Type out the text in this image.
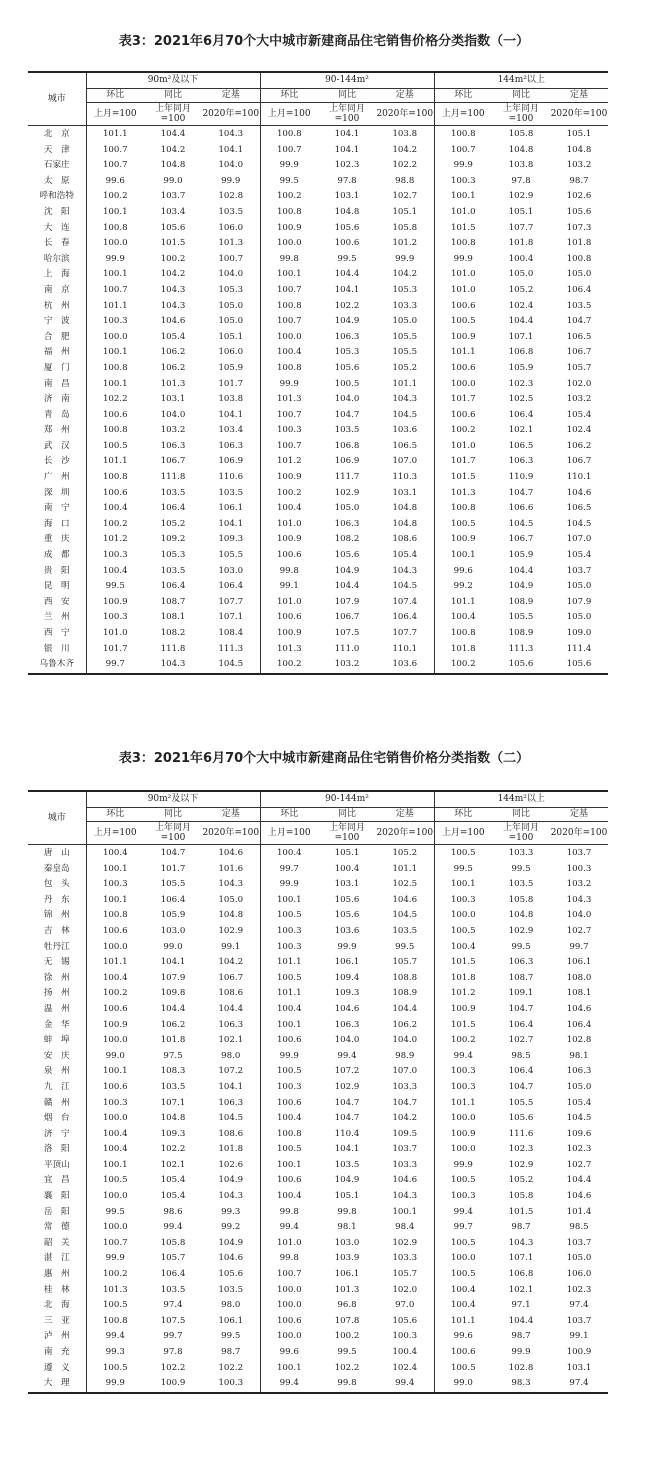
表3：2021年6月70个大中城市新建商品住宅销售价格分类指数（一）
城市	90m²及以下			90-144m²			144m²以上		
	环比	同比	定基	环比	同比	定基	环比	同比	定基
	上月=100	上年同月=100	2020年=100	上月=100	上年同月=100	2020年=100	上月=100	上年同月=100	2020年=100
北　京	101.1	104.4	104.3	100.8	104.1	103.8	100.8	105.8	105.1
天　津	100.7	104.2	104.1	100.7	104.1	104.2	100.7	104.8	104.8
石家庄	100.7	104.8	104.0	99.9	102.3	102.2	99.9	103.8	103.2
太　原	99.6	99.0	99.9	99.5	97.8	98.8	100.3	97.8	98.7
呼和浩特	100.2	103.7	102.8	100.2	103.1	102.7	100.1	102.9	102.6
沈　阳	100.1	103.4	103.5	100.8	104.8	105.1	101.0	105.1	105.6
大　连	100.8	105.6	106.0	100.9	105.6	105.8	101.5	107.7	107.3
长　春	100.0	101.5	101.3	100.0	100.6	101.2	100.8	101.8	101.8
哈尔滨	99.9	100.2	100.7	99.8	99.5	99.9	99.9	100.4	100.8
上　海	100.1	104.2	104.0	100.1	104.4	104.2	101.0	105.0	105.0
南　京	100.7	104.3	105.3	100.7	104.1	105.3	101.0	105.2	106.4
杭　州	101.1	104.3	105.0	100.8	102.2	103.3	100.6	102.4	103.5
宁　波	100.3	104.6	105.0	100.7	104.9	105.0	100.5	104.4	104.7
合　肥	100.0	105.4	105.1	100.0	106.3	105.5	100.9	107.1	106.5
福　州	100.1	106.2	106.0	100.4	105.3	105.5	101.1	106.8	106.7
厦　门	100.8	106.2	105.9	100.8	105.6	105.2	100.6	105.9	105.7
南　昌	100.1	101.3	101.7	99.9	100.5	101.1	100.0	102.3	102.0
济　南	102.2	103.1	103.8	101.3	104.0	104.3	101.7	102.5	103.2
青　岛	100.6	104.0	104.1	100.7	104.7	104.5	100.6	106.4	105.4
郑　州	100.8	103.2	103.4	100.3	103.5	103.6	100.2	102.1	102.4
武　汉	100.5	106.3	106.3	100.7	106.8	106.5	101.0	106.5	106.2
长　沙	101.1	106.7	106.9	101.2	106.9	107.0	101.7	106.3	106.7
广　州	100.8	111.8	110.6	100.9	111.7	110.3	101.5	110.9	110.1
深　圳	100.6	103.5	103.5	100.2	102.9	103.1	101.3	104.7	104.6
南　宁	100.4	106.4	106.1	100.4	105.0	104.8	100.8	106.6	106.5
海　口	100.2	105.2	104.1	101.0	106.3	104.8	100.5	104.5	104.5
重　庆	101.2	109.2	109.3	100.9	108.2	108.6	100.9	106.7	107.0
成　都	100.3	105.3	105.5	100.6	105.6	105.4	100.1	105.9	105.4
贵　阳	100.4	103.5	103.0	99.8	104.9	104.3	99.6	104.4	103.7
昆　明	99.5	106.4	106.4	99.1	104.4	104.5	99.2	104.9	105.0
西　安	100.9	108.7	107.7	101.0	107.9	107.4	101.1	108.9	107.9
兰　州	100.3	108.1	107.1	100.6	106.7	106.4	100.4	105.5	105.0
西　宁	101.0	108.2	108.4	100.9	107.5	107.7	100.8	108.9	109.0
银　川	101.7	111.8	111.3	101.3	111.0	110.1	101.8	111.3	111.4
乌鲁木齐	99.7	104.3	104.5	100.2	103.2	103.6	100.2	105.6	105.6
表3：2021年6月70个大中城市新建商品住宅销售价格分类指数（二）
城市	90m²及以下			90-144m²			144m²以上		
	环比	同比	定基	环比	同比	定基	环比	同比	定基
	上月=100	上年同月=100	2020年=100	上月=100	上年同月=100	2020年=100	上月=100	上年同月=100	2020年=100
唐　山	100.4	104.7	104.6	100.4	105.1	105.2	100.5	103.3	103.7
秦皇岛	100.1	101.7	101.6	99.7	100.4	101.1	99.5	99.5	100.3
包　头	100.3	105.5	104.3	99.9	103.1	102.5	100.1	103.5	103.2
丹　东	100.1	106.4	105.0	100.1	105.6	104.6	100.3	105.8	104.3
锦　州	100.8	105.9	104.8	100.5	105.6	104.5	100.0	104.8	104.0
吉　林	100.6	103.0	102.9	100.3	103.6	103.5	100.5	102.9	102.7
牡丹江	100.0	99.0	99.1	100.3	99.9	99.5	100.4	99.5	99.7
无　锡	101.1	104.1	104.2	101.1	106.1	105.7	101.5	106.3	106.1
徐　州	100.4	107.9	106.7	100.5	109.4	108.8	101.8	108.7	108.0
扬　州	100.2	109.8	108.6	101.1	109.3	108.9	101.2	109.1	108.1
温　州	100.6	104.4	104.4	100.4	104.6	104.4	100.9	104.7	104.6
金　华	100.9	106.2	106.3	100.1	106.3	106.2	101.5	106.4	106.4
蚌　埠	100.0	101.8	102.1	100.6	104.0	104.0	100.2	102.7	102.8
安　庆	99.0	97.5	98.0	99.9	99.4	98.9	99.4	98.5	98.1
泉　州	100.1	108.3	107.2	100.5	107.2	107.0	100.3	106.4	106.3
九　江	100.6	103.5	104.1	100.3	102.9	103.3	100.3	104.7	105.0
赣　州	100.3	107.1	106.3	100.6	104.7	104.7	101.1	105.5	105.4
烟　台	100.0	104.8	104.5	100.4	104.7	104.2	100.0	105.6	104.5
济　宁	100.4	109.3	108.6	100.8	110.4	109.5	100.9	111.6	109.6
洛　阳	100.4	102.2	101.8	100.5	104.1	103.7	100.0	102.3	102.3
平顶山	100.1	102.1	102.6	100.1	103.5	103.3	99.9	102.9	102.7
宜　昌	100.5	105.4	104.9	100.6	104.9	104.6	100.5	105.2	104.4
襄　阳	100.0	105.4	104.3	100.4	105.1	104.3	100.3	105.8	104.6
岳　阳	99.5	98.6	99.3	99.8	99.8	100.1	99.4	101.5	101.4
常　德	100.0	99.4	99.2	99.4	98.1	98.4	99.7	98.7	98.5
韶　关	100.7	105.8	104.9	101.0	103.0	102.9	100.5	104.3	103.7
湛　江	99.9	105.7	104.6	99.8	103.9	103.3	100.0	107.1	105.0
惠　州	100.2	106.4	105.6	100.7	106.1	105.7	100.5	106.8	106.0
桂　林	101.3	103.5	103.5	100.0	101.3	102.0	100.4	102.1	102.3
北　海	100.5	97.4	98.0	100.0	96.8	97.0	100.4	97.1	97.4
三　亚	100.8	107.5	106.1	100.6	107.8	105.6	101.1	104.4	103.7
泸　州	99.4	99.7	99.5	100.0	100.2	100.3	99.6	98.7	99.1
南　充	99.3	97.8	98.7	99.6	99.5	100.4	100.6	99.9	100.9
遵　义	100.5	102.2	102.2	100.1	102.2	102.4	100.5	102.8	103.1
大　理	99.9	100.9	100.3	99.4	99.8	99.4	99.0	98.3	97.4
